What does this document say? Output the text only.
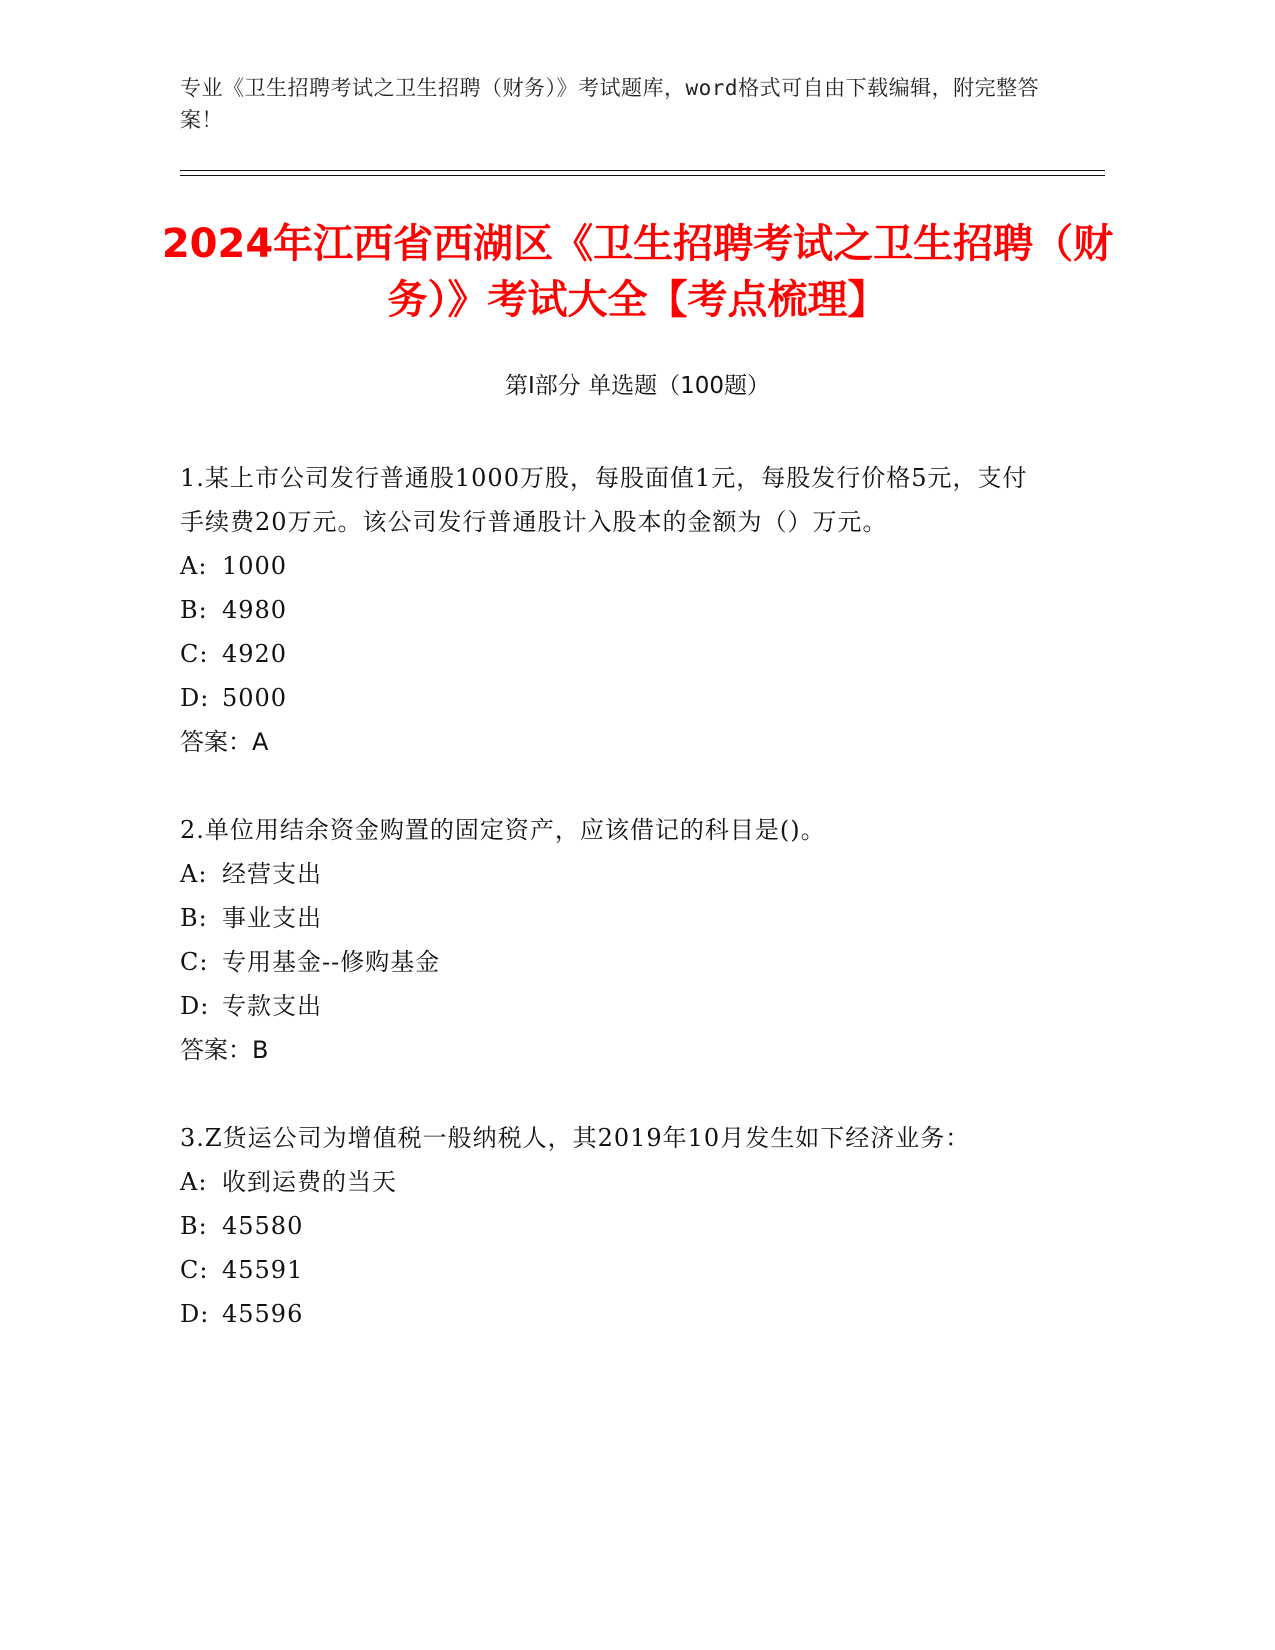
专业《卫生招聘考试之卫生招聘（财务）》考试题库，word格式可自由下载编辑，附完整答案！
2024年江西省西湖区《卫生招聘考试之卫生招聘（财务）》考试大全【考点梳理】
第I部分 单选题（100题）

1.某上市公司发行普通股1000万股，每股面值1元，每股发行价格5元，支付手续费20万元。该公司发行普通股计入股本的金额为（）万元。

A: 1000

B: 4980

C: 4920

D: 5000

答案：A

2.单位用结余资金购置的固定资产，应该借记的科目是()。

A: 经营支出

B: 事业支出

C: 专用基金--修购基金

D: 专款支出

答案：B

3.Z货运公司为增值税一般纳税人，其2019年10月发生如下经济业务：

A: 收到运费的当天

B: 45580

C: 45591

D: 45596
